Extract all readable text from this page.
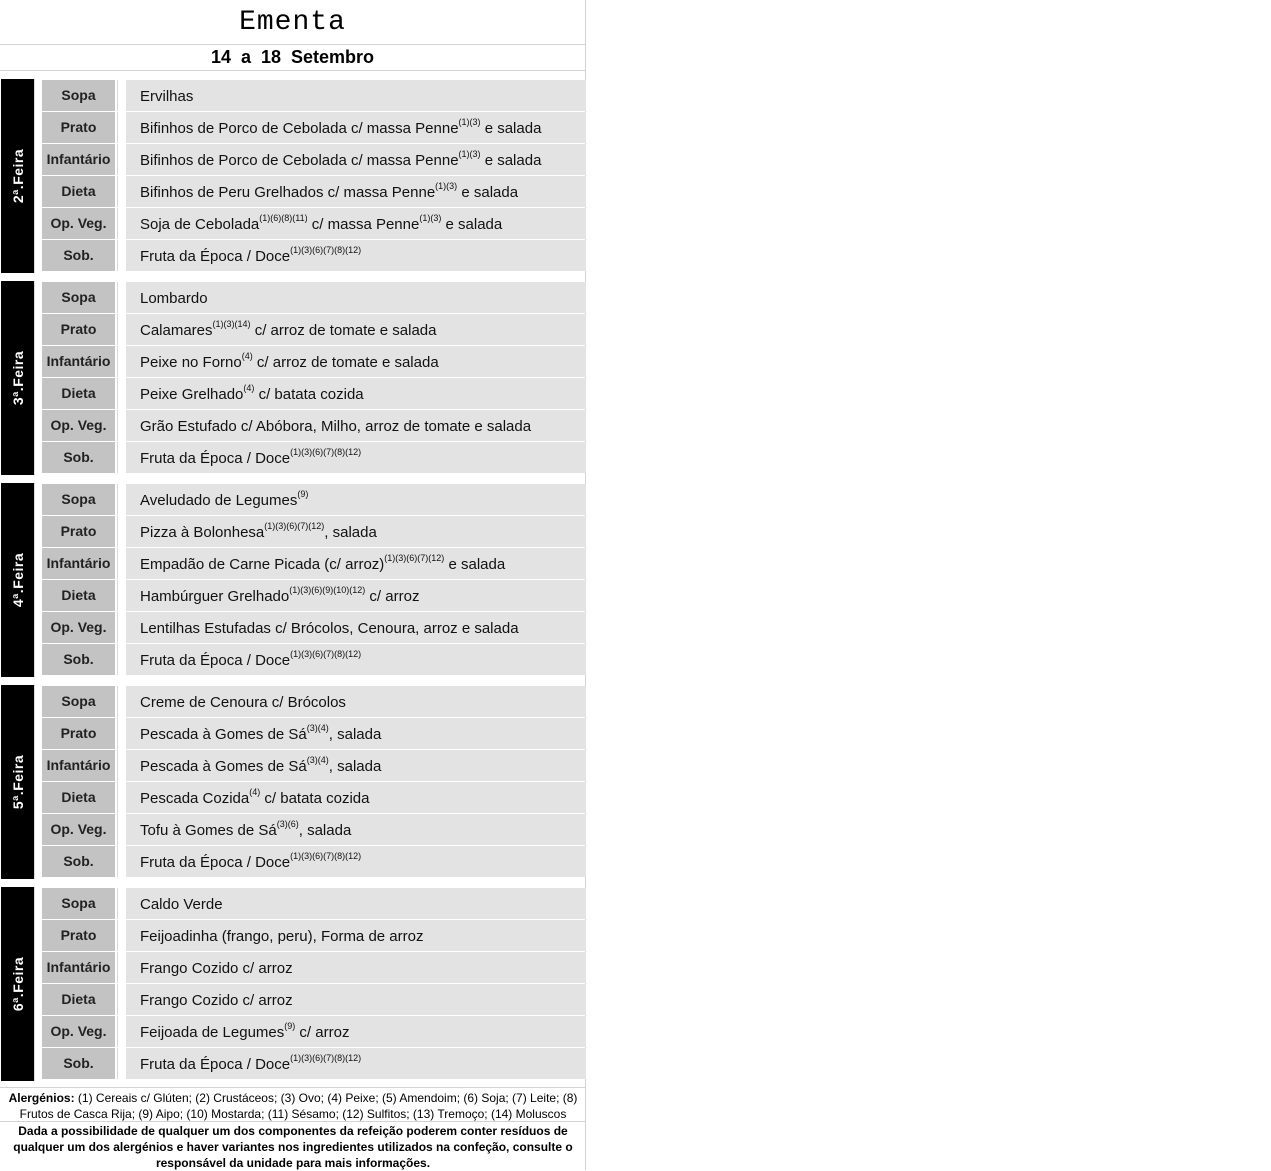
Ementa
14  a  18  Setembro
2ª.Feira
Sopa	Ervilhas
Prato	Bifinhos de Porco de Cebolada c/ massa Penne$^{(1)(3)}$ e salada
Infantário	Bifinhos de Porco de Cebolada c/ massa Penne$^{(1)(3)}$ e salada
Dieta	Bifinhos de Peru Grelhados c/ massa Penne$^{(1)(3)}$ e salada
Op. Veg.	Soja de Cebolada$^{(1)(6)(8)(11)}$ c/ massa Penne$^{(1)(3)}$ e salada
Sob.	Fruta da Época / Doce$^{(1)(3)(6)(7)(8)(12)}$
3ª.Feira
Sopa	Lombardo
Prato	Calamares$^{(1)(3)(14)}$ c/ arroz de tomate e salada
Infantário	Peixe no Forno$^{(4)}$ c/ arroz de tomate e salada
Dieta	Peixe Grelhado$^{(4)}$ c/ batata cozida
Op. Veg.	Grão Estufado c/ Abóbora, Milho, arroz de tomate e salada
Sob.	Fruta da Época / Doce$^{(1)(3)(6)(7)(8)(12)}$
4ª.Feira
Sopa	Aveludado de Legumes$^{(9)}$
Prato	Pizza à Bolonhesa$^{(1)(3)(6)(7)(12)}$, salada
Infantário	Empadão de Carne Picada (c/ arroz)$^{(1)(3)(6)(7)(12)}$ e salada
Dieta	Hambúrguer Grelhado$^{(1)(3)(6)(9)(10)(12)}$ c/ arroz
Op. Veg.	Lentilhas Estufadas c/ Brócolos, Cenoura, arroz e salada
Sob.	Fruta da Época / Doce$^{(1)(3)(6)(7)(8)(12)}$
5ª.Feira
Sopa	Creme de Cenoura c/ Brócolos
Prato	Pescada à Gomes de $Sá^{(3)(4)}$, salada
Infantário	Pescada à Gomes de $Sá^{(3)(4)}$, salada
Dieta	Pescada Cozida$^{(4)}$ c/ batata cozida
Op. Veg.	Tofu à Gomes de $Sá^{(3)(6)}$, salada
Sob.	Fruta da Época / Doce$^{(1)(3)(6)(7)(8)(12)}$
6ª.Feira
Sopa	Caldo Verde
Prato	Feijoadinha (frango, peru), Forma de arroz
Infantário	Frango Cozido c/ arroz
Dieta	Frango Cozido c/ arroz
Op. Veg.	Feijoada de Legumes$^{(9)}$ c/ arroz
Sob.	Fruta da Época / Doce$^{(1)(3)(6)(7)(8)(12)}$
Alergénios: (1) Cereais c/ Glúten; (2) Crustáceos; (3) Ovo; (4) Peixe; (5) Amendoim; (6) Soja; (7) Leite; (8) Frutos de Casca Rija; (9) Aipo; (10) Mostarda; (11) Sésamo; (12) Sulfitos; (13) Tremoço; (14) Moluscos
Dada a possibilidade de qualquer um dos componentes da refeição poderem conter resíduos de qualquer um dos alergénios e haver variantes nos ingredientes utilizados na confeção, consulte o responsável da unidade para mais informações.
